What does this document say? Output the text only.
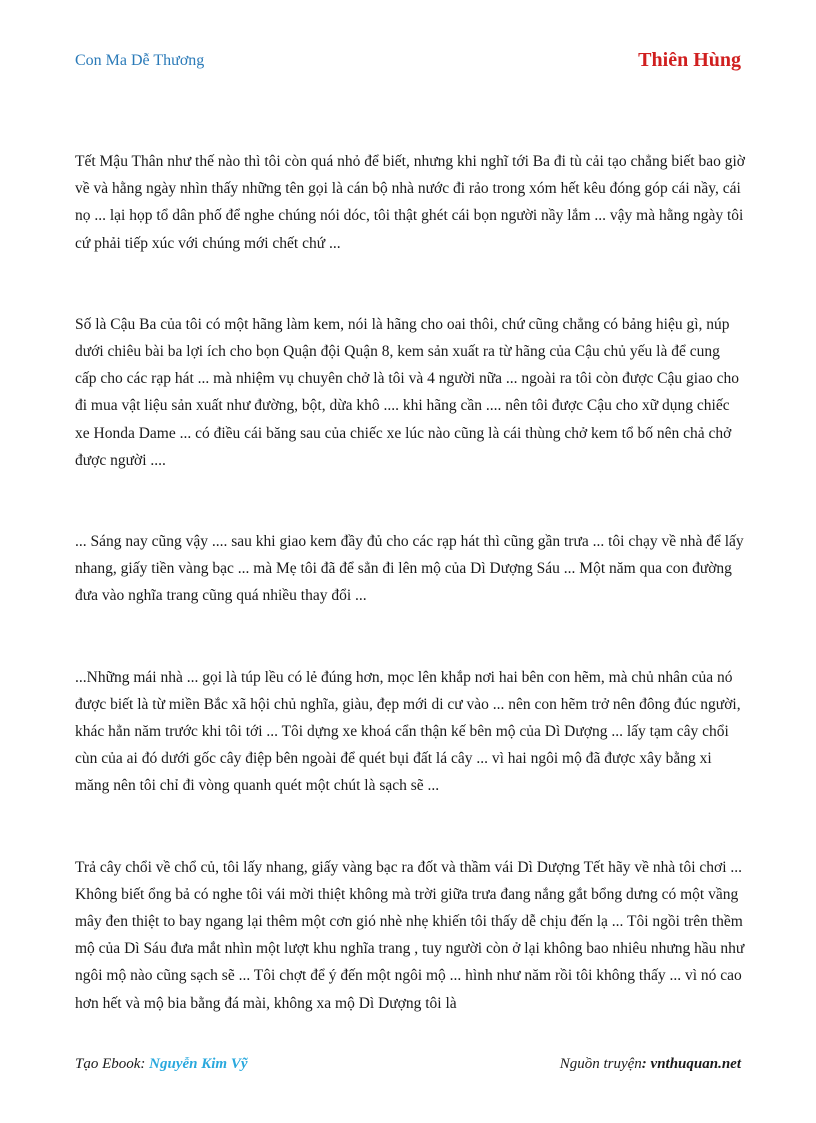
Con Ma Dễ Thương	Thiên Hùng

Tết Mậu Thân như thế nào thì tôi còn quá nhỏ để biết, nhưng khi nghĩ tới Ba đi tù cải tạo chẳng biết bao giờ về và hằng ngày nhìn thấy những tên gọi là cán bộ nhà nước đi rảo trong xóm hết kêu đóng góp cái nầy, cái nọ ... lại họp tổ dân phố để nghe chúng nói dóc, tôi thật ghét cái bọn người nầy lắm ... vậy mà hằng ngày tôi cứ phải tiếp xúc với chúng mới chết chứ ...

Số là Cậu Ba của tôi có một hãng làm kem, nói là hãng cho oai thôi, chứ cũng chẳng có bảng hiệu gì, núp dưới chiêu bài ba lợi ích cho bọn Quận đội Quận 8, kem sản xuất ra từ hãng của Cậu chủ yếu là để cung cấp cho các rạp hát ... mà nhiệm vụ chuyên chở là tôi và 4 người nữa ... ngoài ra tôi còn được Cậu giao cho đi mua vật liệu sản xuất như đường, bột, dừa khô .... khi hãng cần .... nên tôi được Cậu cho xữ dụng chiếc xe Honda Dame ... có điều cái băng sau của chiếc xe lúc nào cũng là cái thùng chở kem tổ bố nên chả chở được người ....

... Sáng nay cũng vậy .... sau khi giao kem đầy đủ cho các rạp hát thì cũng gần trưa ... tôi chạy về nhà để lấy nhang, giấy tiền vàng bạc ... mà Mẹ tôi đã để sẳn đi lên mộ của Dì Dượng Sáu ... Một năm qua con đường đưa vào nghĩa trang cũng quá nhiều thay đổi ...

...Những mái nhà ... gọi là túp lều có lẻ đúng hơn, mọc lên khắp nơi hai bên con hẽm, mà chủ nhân của nó được biết là từ miền Bắc xã hội chủ nghĩa, giàu, đẹp mới di cư vào ... nên con hẽm trở nên đông đúc người, khác hẳn năm trước khi tôi tới ... Tôi dựng xe khoá cẩn thận kế bên mộ của Dì Dượng ... lấy tạm cây chổi cùn của ai đó dưới gốc cây điệp bên ngoài để quét bụi đất lá cây ... vì hai ngôi mộ đã được xây bằng xi măng nên tôi chỉ đi vòng quanh quét một chút là sạch sẽ ...

Trả cây chổi về chổ củ, tôi lấy nhang, giấy vàng bạc ra đốt và thầm vái Dì Dượng Tết hãy về nhà tôi chơi ... Không biết ổng bả có nghe tôi vái mời thiệt không mà trời giữa trưa đang nắng gắt bổng dưng có một vầng mây đen thiệt to bay ngang lại thêm một cơn gió nhè nhẹ khiến tôi thấy dễ chịu đến lạ ... Tôi ngồi trên thềm mộ của Dì Sáu đưa mắt nhìn một lượt khu nghĩa trang , tuy người còn ở lại không bao nhiêu nhưng hầu như ngôi mộ nào cũng sạch sẽ ... Tôi chợt để ý đến một ngôi mộ ... hình như năm rồi tôi không thấy ... vì nó cao hơn hết và mộ bia bằng đá mài, không xa mộ Dì Dượng tôi là

Tạo Ebook: Nguyễn Kim Vỹ	Nguồn truyện: vnthuquan.net
